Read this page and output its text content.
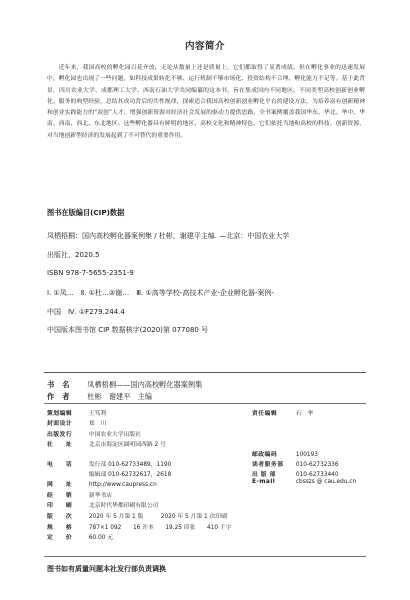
内容简介

近年来，我国高校的孵化园百花齐放，无论从数量上还是质量上，它们都取得了显著成绩。但在孵化事业的迅速发展中，孵化园也出现了一些问题，如科技成果转化不够、运行机制不够市场化、投资结构不合理、孵化能力不足等。基于此背景，四川农业大学、成都理工大学、西南石油大学共同编纂的这本书，旨在集成国内不同地区、不同类型高校创新创业孵化、服务的典型经验，总结其成功背后的共性规律，探索适合我国高校创新创业孵化平台的建设方法，为培养富有创新精神和创业实践能力的“双创”人才、增强创新资源对经济社会发展的驱动力提供思路。全书案例覆盖我国华东、华北、华中、华南、西南、西北、东北地区。这些孵化器具有鲜明的地区、高校文化和精神特色，它们依托当地和高校的科技、创新资源，对当地创新型经济的发展起到了不可替代的重要作用。

图书在版编目(CIP)数据
凤栖梧桐：国内高校孵化器案例集 / 杜彬，谢建平主编. —北京：中国农业大学
出版社，2020.5
ISBN 978-7-5655-2351-9
Ⅰ. ①凤…　Ⅱ. ①杜…②谢…　Ⅲ. ①高等学校-高技术产业-企业孵化器-案例-
中国　Ⅳ. ①F279.244.4
中国版本图书馆 CIP 数据核字(2020)第 077080 号
书名 凤栖梧桐——国内高校孵化器案例集
作者 杜彬　谢建平　主编
策划编辑	王笃利	责任编辑	石　华
封面设计	郑　川
出版发行	中国农业大学出版社
社　　址	北京市海淀区圆明园西路 2 号
邮政编码	100193
电　　话	发行部 010-62733489，1190	读者服务部 010-62732336
编辑部 010-62732617，2618	出 版 部	010-62733440
网　　址	http://www.caupress.cn	E-mail	cbsszs @ cau.edu.cn
经　　销	新华书店
印　　刷	北京时代华都印刷有限公司
版　　次	2020 年 5 月第 1 版　　　2020 年 5 月第 1 次印刷
规　　格	787×1 092　　16 开本　　19.25 印张　　410 千字
定　　价	60.00 元
图书如有质量问题本社发行部负责调换
